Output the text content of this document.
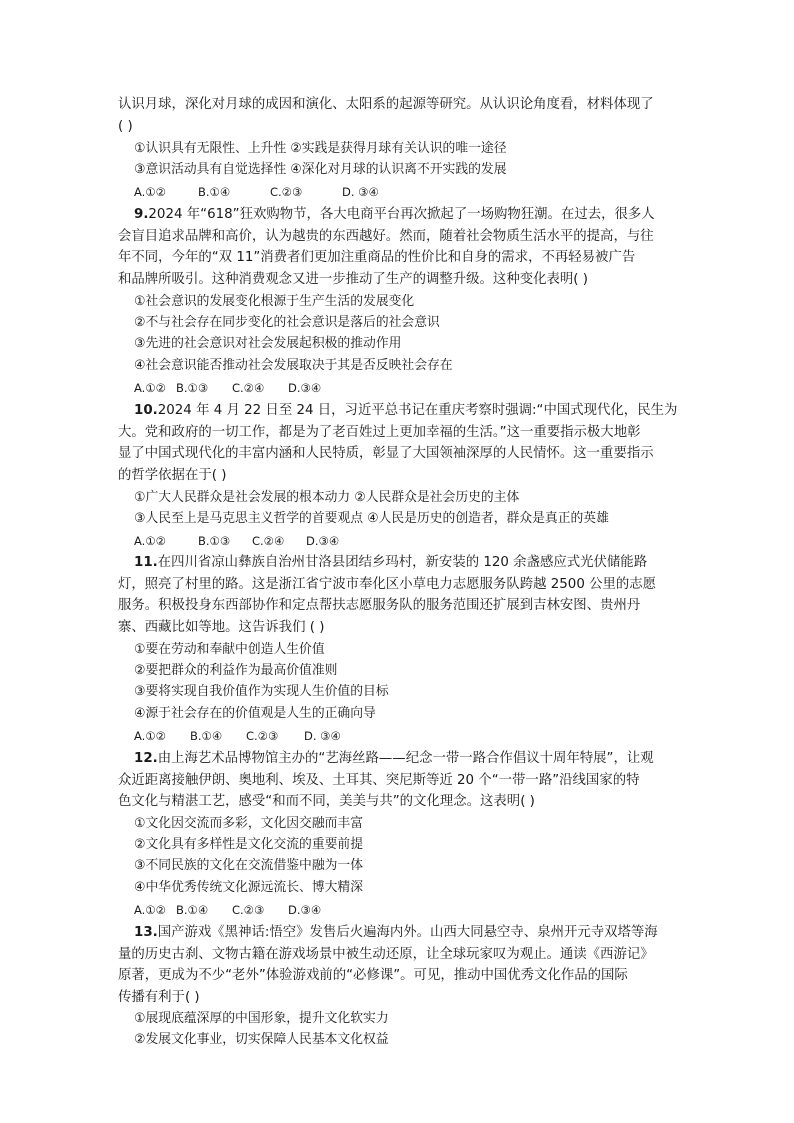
认识月球，深化对月球的成因和演化、太阳系的起源等研究。从认识论角度看，材料体现了
( )
①认识具有无限性、上升性 ②实践是获得月球有关认识的唯一途径
③意识活动具有自觉选择性 ④深化对月球的认识离不开实践的发展
A.①②	B.①④	C.②③	D. ③④
9.2024 年“618”狂欢购物节，各大电商平台再次掀起了一场购物狂潮。在过去，很多人
会盲目追求品牌和高价，认为越贵的东西越好。然而，随着社会物质生活水平的提高，与往
年不同，今年的“双 11”消费者们更加注重商品的性价比和自身的需求，不再轻易被广告
和品牌所吸引。这种消费观念又进一步推动了生产的调整升级。这种变化表明( )
①社会意识的发展变化根源于生产生活的发展变化
②不与社会存在同步变化的社会意识是落后的社会意识
③先进的社会意识对社会发展起积极的推动作用
④社会意识能否推动社会发展取决于其是否反映社会存在
A.①② B.①③ C.②④ D.③④
10.2024 年 4 月 22 日至 24 日，习近平总书记在重庆考察时强调:“中国式现代化，民生为
大。党和政府的一切工作，都是为了老百姓过上更加幸福的生活。”这一重要指示极大地彰
显了中国式现代化的丰富内涵和人民特质，彰显了大国领袖深厚的人民情怀。这一重要指示
的哲学依据在于( )
①广大人民群众是社会发展的根本动力 ②人民群众是社会历史的主体
③人民至上是马克思主义哲学的首要观点 ④人民是历史的创造者，群众是真正的英雄
A.①②	B.①③ C.②④ D.③④
11.在四川省凉山彝族自治州甘洛县团结乡玛村，新安装的 120 余盏感应式光伏储能路
灯，照亮了村里的路。这是浙江省宁波市奉化区小草电力志愿服务队跨越 2500 公里的志愿
服务。积极投身东西部协作和定点帮扶志愿服务队的服务范围还扩展到吉林安图、贵州丹
寨、西藏比如等地。这告诉我们 ( )
①要在劳动和奉献中创造人生价值
②要把群众的利益作为最高价值准则
③要将实现自我价值作为实现人生价值的目标
④源于社会存在的价值观是人生的正确向导
A.①② B.①④ C.②③ D. ③④
12.由上海艺术品博物馆主办的“艺海丝路——纪念一带一路合作倡议十周年特展”，让观
众近距离接触伊朗、奥地利、埃及、土耳其、突尼斯等近 20 个“一带一路”沿线国家的特
色文化与精湛工艺，感受“和而不同，美美与共”的文化理念。这表明( )
①文化因交流而多彩，文化因交融而丰富
②文化具有多样性是文化交流的重要前提
③不同民族的文化在交流借鉴中融为一体
④中华优秀传统文化源远流长、博大精深
A.①② B.①④ C.②③ D.③④
13.国产游戏《黑神话:悟空》发售后火遍海内外。山西大同悬空寺、泉州开元寺双塔等海
量的历史古刹、文物古籍在游戏场景中被生动还原，让全球玩家叹为观止。通读《西游记》
原著，更成为不少“老外”体验游戏前的“必修课”。可见，推动中国优秀文化作品的国际
传播有利于( )
①展现底蕴深厚的中国形象，提升文化软实力
②发展文化事业，切实保障人民基本文化权益
